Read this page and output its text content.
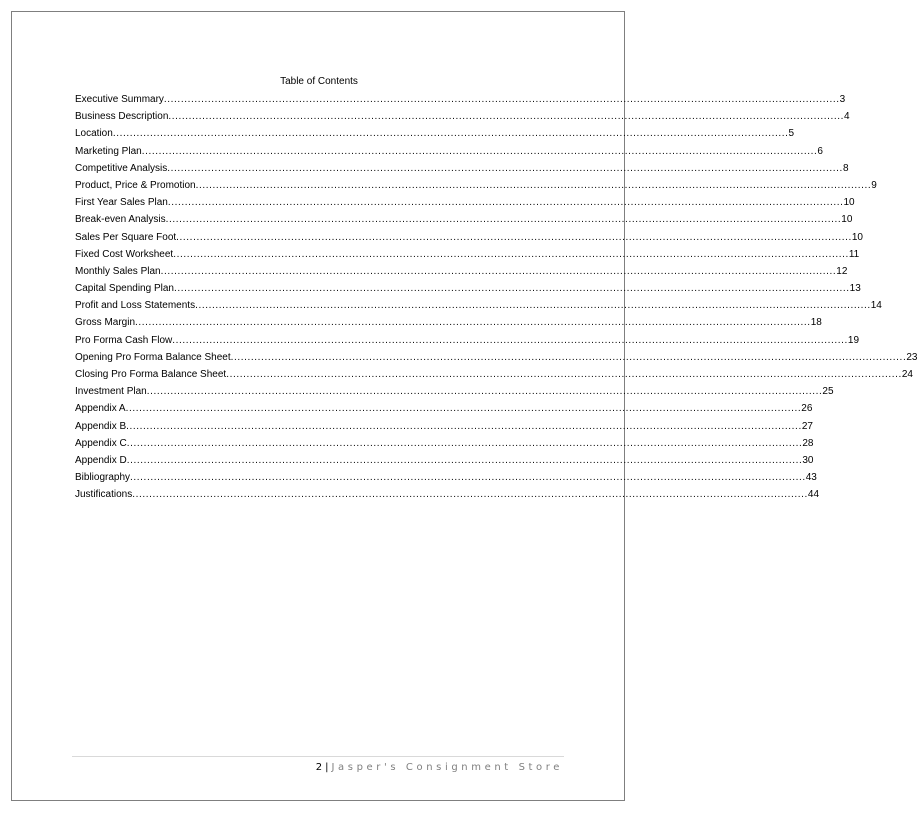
Table of Contents
Executive Summary ........................................................................................................................................................................................................ 3
Business Description ........................................................................................................................................................................................................ 4
Location ........................................................................................................................................................................................................ 5
Marketing Plan ........................................................................................................................................................................................................ 6
Competitive Analysis ........................................................................................................................................................................................................ 8
Product, Price & Promotion ........................................................................................................................................................................................................ 9
First Year Sales Plan ........................................................................................................................................................................................................ 10
Break-even Analysis ........................................................................................................................................................................................................ 10
Sales Per Square Foot ........................................................................................................................................................................................................ 10
Fixed Cost Worksheet ........................................................................................................................................................................................................ 11
Monthly Sales Plan ........................................................................................................................................................................................................ 12
Capital Spending Plan ........................................................................................................................................................................................................ 13
Profit and Loss Statements ........................................................................................................................................................................................................ 14
Gross Margin ........................................................................................................................................................................................................ 18
Pro Forma Cash Flow ........................................................................................................................................................................................................ 19
Opening Pro Forma Balance Sheet ........................................................................................................................................................................................................ 23
Closing Pro Forma Balance Sheet ........................................................................................................................................................................................................ 24
Investment Plan ........................................................................................................................................................................................................ 25
Appendix A ........................................................................................................................................................................................................ 26
Appendix B ........................................................................................................................................................................................................ 27
Appendix C ........................................................................................................................................................................................................ 28
Appendix D ........................................................................................................................................................................................................ 30
Bibliography ........................................................................................................................................................................................................ 43
Justifications ........................................................................................................................................................................................................ 44
2 | Jasper's Consignment Store
